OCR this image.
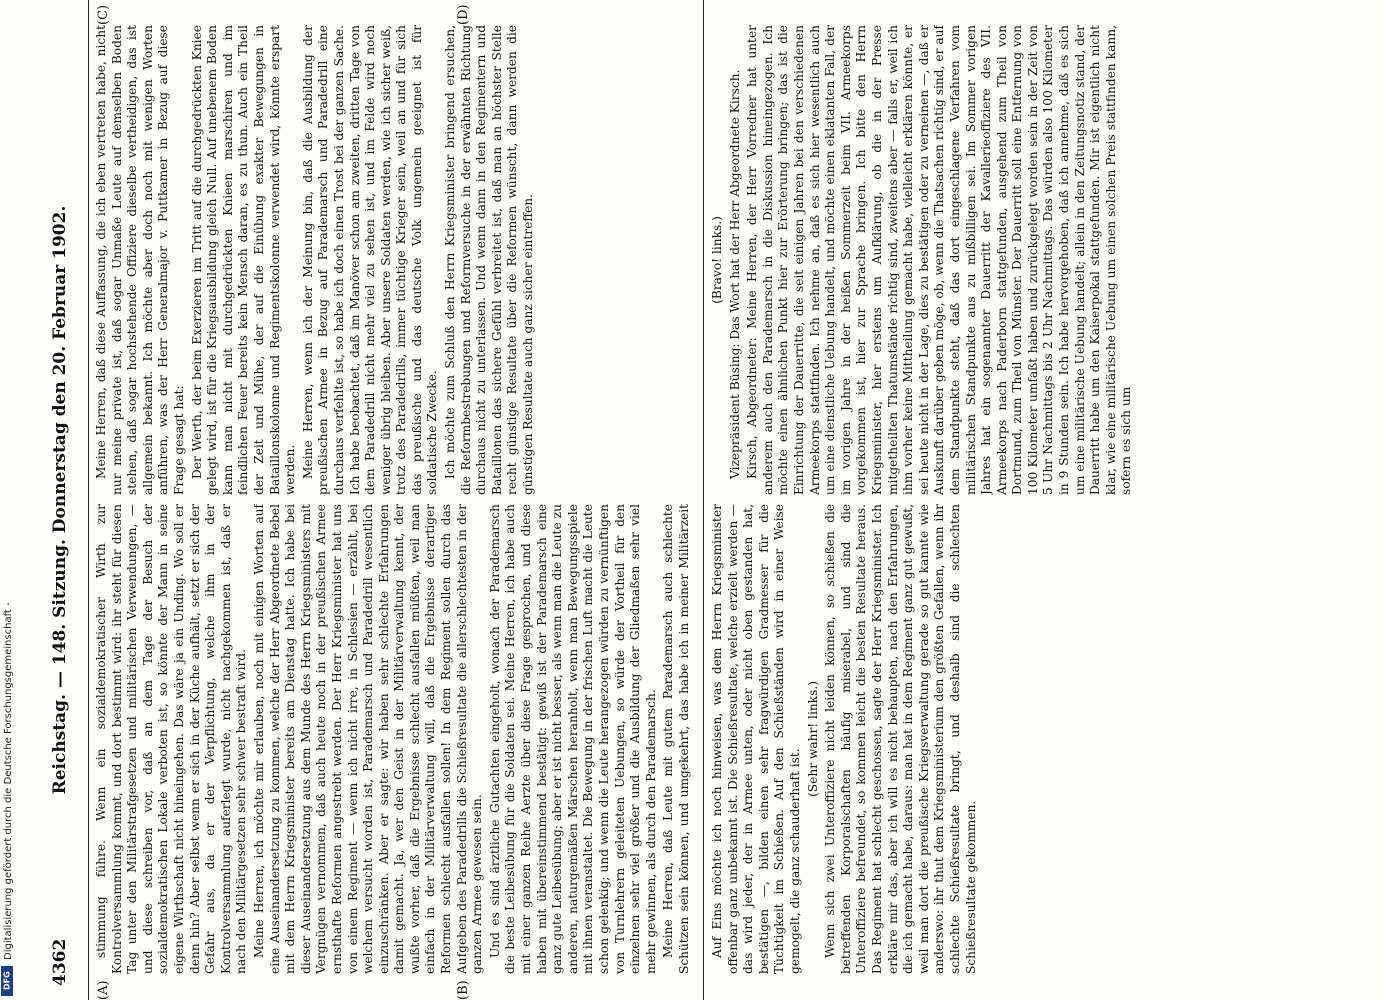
4362
Reichstag. — 148. Sitzung. Donnerstag den 20. Februar 1902.
(A)	(B)
(C)	(D)

stimmung führe. Wenn ein sozialdemokratischer Wirth zur Kontrolversammlung kommt, und dort bestimmt wird: ihr steht für diesen Tag unter den Militärstrafgesetzen und militärischen Verwendungen, — und diese schreiben vor, daß an dem Tage der Besuch der sozialdemokratischen Lokale verboten ist, so könnte der Mann in seine eigene Wirthschaft nicht hineingehen. Das wäre ja ein Unding. Wo soll er denn hin? Aber selbst wenn er sich in der Küche aufhält, setzt er sich der Gefahr aus, da er der Verpflichtung, welche ihm in der Kontrolversammlung auferlegt wurde, nicht nachgekommen ist, daß er nach den Militärgesetzen sehr schwer bestraft wird. Meine Herren, ich möchte mir erlauben, noch mit einigen Worten auf eine Auseinandersetzung zu kommen, welche der Herr Abgeordnete Bebel mit dem Herrn Kriegsminister bereits am Dienstag hatte. Ich habe bei dieser Auseinandersetzung aus dem Munde des Herrn Kriegsministers mit Vergnügen vernommen, daß auch heute noch in der preußischen Armee ernsthafte Reformen angestrebt werden. Der Herr Kriegsminister hat uns von einem Regiment — wenn ich nicht irre, in Schlesien — erzählt, bei welchem versucht worden ist, Parademarsch und Paradedrill wesentlich einzuschränken. Aber er sagte: wir haben sehr schlechte Erfahrungen damit gemacht. Ja, wer den Geist in der Militärverwaltung kennt, der wußte vorher, daß die Ergebnisse schlecht ausfallen müßten, weil man einfach in der Militärverwaltung will, daß die Ergebnisse derartiger Reformen schlecht ausfallen sollen! In dem Regiment sollen durch das Aufgeben des Paradedrills die Schießresultate die allerschlechtesten in der ganzen Armee gewesen sein. Und es sind ärztliche Gutachten eingeholt, wonach der Parademarsch die beste Leibesübung für die Soldaten sei. Meine Herren, ich habe auch mit einer ganzen Reihe Aerzte über diese Frage gesprochen, und diese haben mit übereinstimmend bestätigt: gewiß ist der Parademarsch eine ganz gute Leibesübung; aber er ist nicht besser, als wenn man die Leute zu anderen, naturgemäßen Märschen heranholt, wenn man Bewegungsspiele mit ihnen veranstaltet. Die Bewegung in der frischen Luft macht die Leute schon gelenkig; und wenn die Leute herangezogen würden zu vernünftigen von Turnlehrern geleiteten Uebungen, so würde der Vortheil für den einzelnen sehr viel größer und die Ausbildung der Gliedmaßen sehr viel mehr gewinnen, als durch den Parademarsch. Meine Herren, daß Leute mit gutem Parademarsch auch schlechte Schützen sein können, und umgekehrt, das habe ich in meiner Militärzeit

Meine Herren, daß diese Auffassung, die ich eben vertreten habe, nicht nur meine private ist, daß sogar Unmaße Leute auf demselben Boden stehen, daß sogar hochstehende Offiziere dieselbe vertheidigen, das ist allgemein bekannt. Ich möchte aber doch noch mit wenigen Worten anführen, was der Herr Generalmajor v. Puttkamer in Bezug auf diese Frage gesagt hat: Der Werth, der beim Exerzieren im Tritt auf die durchgedrückten Kniee gelegt wird, ist für die Kriegsausbildung gleich Null. Auf unebenem Boden kann man nicht mit durchgedrückten Knieen marschiren und im feindlichen Feuer bereits kein Mensch daran, es zu thun. Auch ein Theil der Zeit und Mühe, der auf die Einübung exakter Bewegungen in Bataillonskolonne und Regimentskolonne verwendet wird, könnte erspart werden. Meine Herren, wenn ich der Meinung bin, daß die Ausbildung der preußischen Armee in Bezug auf Parademarsch und Paradedrill eine durchaus verfehlte ist, so habe ich doch einen Trost bei der ganzen Sache. Ich habe beobachtet, daß im Manöver schon am zweiten, dritten Tage von dem Paradedrill nicht mehr viel zu sehen ist, und im Felde wird noch weniger übrig bleiben. Aber unsere Soldaten werden, wie ich sicher weiß, trotz des Paradedrills, immer tüchtige Krieger sein, weil an und für sich das preußische und das deutsche Volk ungemein geeignet ist für soldatische Zwecke. Ich möchte zum Schluß den Herrn Kriegsminister bringend ersuchen, die Reformbestrebungen und Reformversuche in der erwähnten Richtung durchaus nicht zu unterlassen. Und wenn dann in den Regimentern und Bataillonen das sichere Gefühl verbreitet ist, daß man an höchster Stelle recht günstige Resultate über die Reformen wünscht, dann werden die günstigen Resultate auch ganz sicher eintreffen.

Auf Eins möchte ich noch hinweisen, was dem Herrn Kriegsminister offenbar ganz unbekannt ist. Die Schießresultate, welche erzielt werden — das wird jeder, der in Armee unten, oder nicht oben gestanden hat, bestätigen —, bilden einen sehr fragwürdigen Gradmesser für die Tüchtigkeit im Schießen. Auf den Schießständen wird in einer Weise gemogelt, die ganz schauderhaft ist.

(Sehr wahr! links.) Wenn sich zwei Unteroffiziere nicht leiden können, so schießen die betreffenden Korporalschaften häufig miserabel, und sind die Unteroffiziere befreundet, so kommen leicht die besten Resultate heraus. Das Regiment hat schlecht geschossen, sagte der Herr Kriegsminister. Ich erkläre mir das, aber ich will es nicht behaupten, nach den Erfahrungen, die ich gemacht habe, daraus: man hat in dem Regiment ganz gut gewußt, weil man dort die preußische Kriegsverwaltung gerade so gut kannte wie anderswo: ihr thut dem Kriegsministerium den größten Gefallen, wenn ihr schlechte Schießresultate bringt, und deshalb sind die schlechten Schießresultate gekommen.

(Bravo! links.) Vizepräsident Büsing: Das Wort hat der Herr Abgeordnete Kirsch. Kirsch, Abgeordneter: Meine Herren, der Herr Vorredner hat unter anderem auch den Parademarsch in die Diskussion hineingezogen. Ich möchte einen ähnlichen Punkt hier zur Erörterung bringen; das ist die Einrichtung der Dauerritte, die seit einigen Jahren bei den verschiedenen Armeekorps stattfinden. Ich nehme an, daß es sich hier wesentlich auch um eine dienstliche Uebung handelt, und möchte einen eklatanten Fall, der im vorigen Jahre in der heißen Sommerzeit beim VII. Armeekorps vorgekommen ist, hier zur Sprache bringen. Ich bitte den Herrn Kriegsminister, hier erstens um Aufklärung, ob die in der Presse mitgetheilten Thatumstände richtig sind, zweitens aber — falls er, weil ich ihm vorher keine Mittheilung gemacht habe, vielleicht erklären könnte, er sei heute nicht in der Lage, dies zu bestätigen oder zu verneinen —, daß er Auskunft darüber geben möge, ob, wenn die Thatsachen richtig sind, er auf dem Standpunkte steht, daß das dort eingeschlagene Verfahren vom militärischen Standpunkte aus zu mißbilligen sei. Im Sommer vorigen Jahres hat ein sogenannter Dauerritt der Kavallerieoffiziere des VII. Armeekorps nach Paderborn stattgefunden, ausgehend zum Theil von Dortmund, zum Theil von Münster. Der Dauerritt soll eine Entfernung von 100 Kilometer umfaßt haben und zurückgelegt worden sein in der Zeit von 5 Uhr Nachmittags bis 2 Uhr Nachmittags. Das würden also 100 Kilometer in 9 Stunden sein. Ich habe hervorgehoben, daß ich annehme, daß es sich um eine militärische Uebung handelt; allein in den Zeitungsnotiz stand, der Dauerritt habe um den Kaiserpokal stattgefunden. Mir ist eigentlich nicht klar, wie eine militärische Uebung um einen solchen Preis stattfinden kann, sofern es sich um

Digitalisierung gefördert durch die Deutsche Forschungsgemeinschaft -
DFG
